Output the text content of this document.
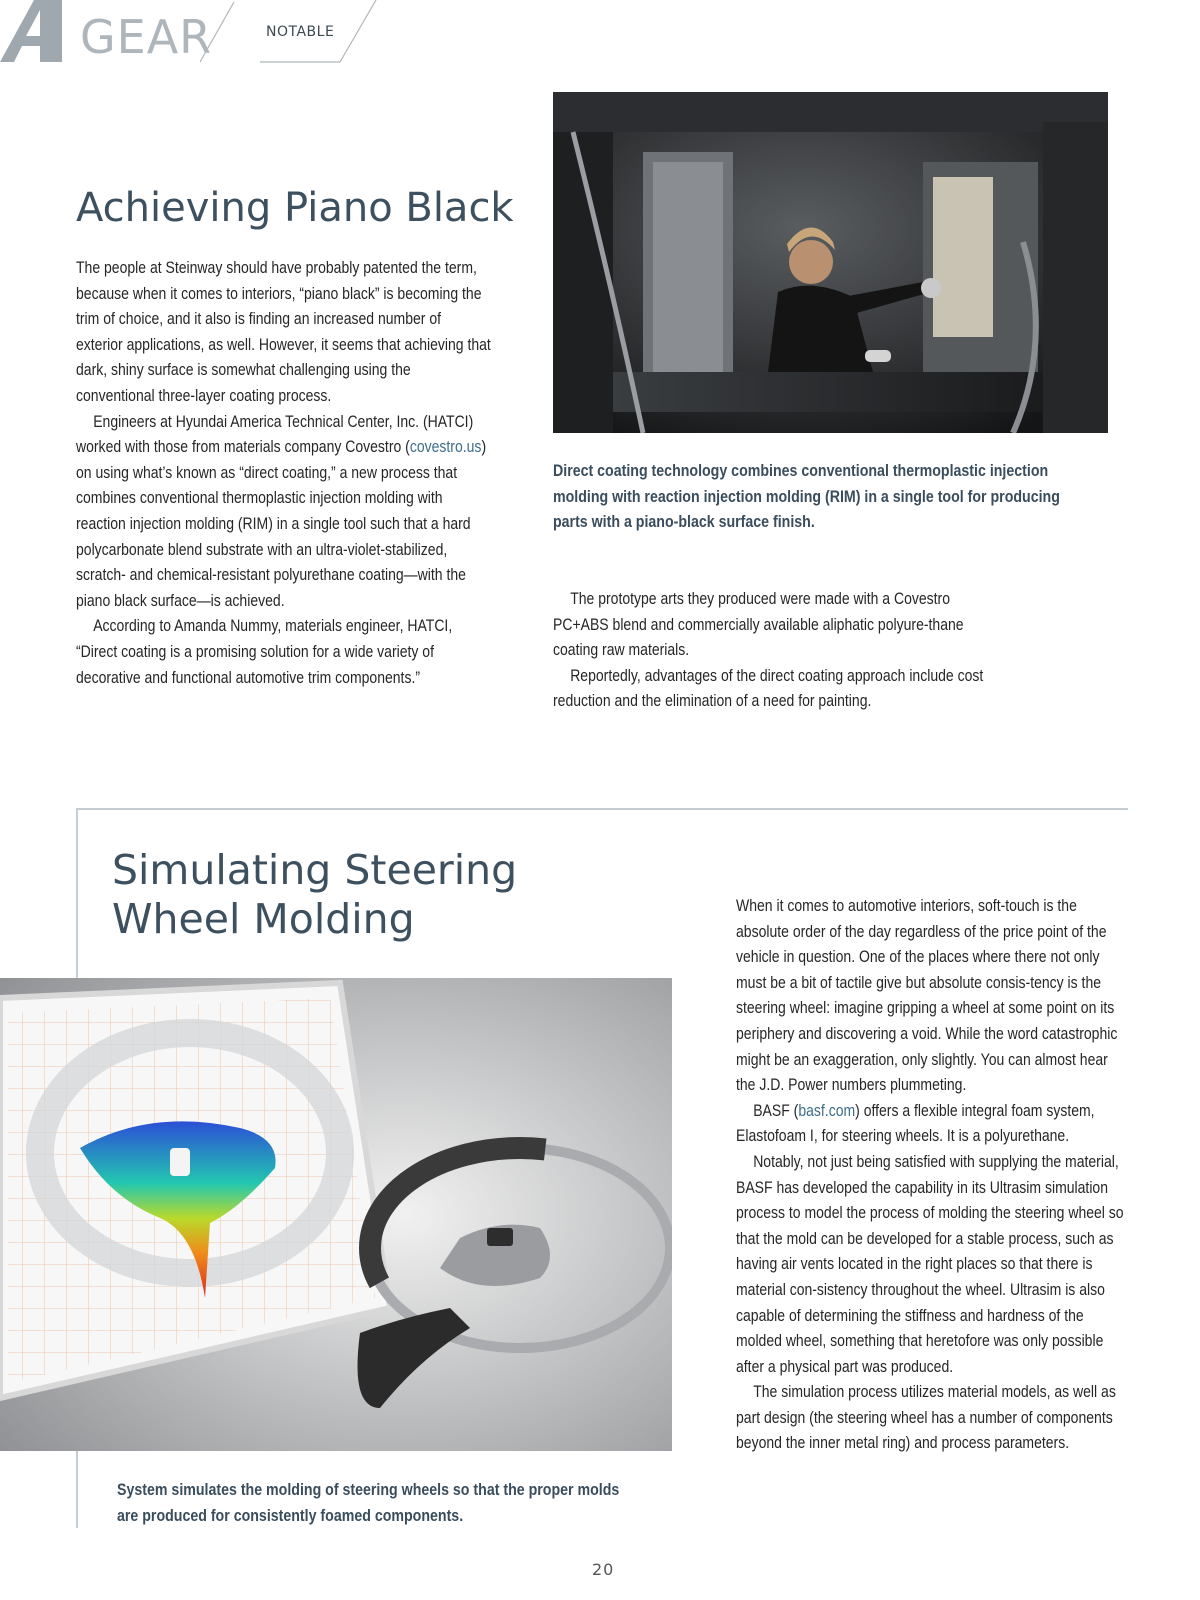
GEAR	NOTABLE
Achieving Piano Black

The people at Steinway should have probably patented the term, because when it comes to interiors, “piano black” is becoming the trim of choice, and it also is finding an increased number of exterior applications, as well. However, it seems that achieving that dark, shiny surface is somewhat challenging using the conventional three-layer coating process.

Engineers at Hyundai America Technical Center, Inc. (HATCI) worked with those from materials company Covestro (covestro.us) on using what’s known as “direct coating,” a new process that combines conventional thermoplastic injection molding with reaction injection molding (RIM) in a single tool such that a hard polycarbonate blend substrate with an ultra-violet-stabilized, scratch- and chemical-resistant polyurethane coating—with the piano black surface—is achieved.

According to Amanda Nummy, materials engineer, HATCI, “Direct coating is a promising solution for a wide variety of decorative and functional automotive trim components.”

Direct coating technology combines conventional thermoplastic injection molding with reaction injection molding (RIM) in a single tool for producing parts with a piano-black surface finish.

The prototype arts they produced were made with a Covestro PC+ABS blend and commercially available aliphatic polyure-thane coating raw materials.

Reportedly, advantages of the direct coating approach include cost reduction and the elimination of a need for painting.

Simulating Steering
Wheel Molding
System simulates the molding of steering wheels so that the proper molds are produced for consistently foamed components.

When it comes to automotive interiors, soft-touch is the absolute order of the day regardless of the price point of the vehicle in question. One of the places where there not only must be a bit of tactile give but absolute consis-tency is the steering wheel: imagine gripping a wheel at some point on its periphery and discovering a void. While the word catastrophic might be an exaggeration, only slightly. You can almost hear the J.D. Power numbers plummeting.

BASF (basf.com) offers a flexible integral foam system, Elastofoam I, for steering wheels. It is a polyurethane.

Notably, not just being satisfied with supplying the material, BASF has developed the capability in its Ultrasim simulation process to model the process of molding the steering wheel so that the mold can be developed for a stable process, such as having air vents located in the right places so that there is material con-sistency throughout the wheel. Ultrasim is also capable of determining the stiffness and hardness of the molded wheel, something that heretofore was only possible after a physical part was produced.

The simulation process utilizes material models, as well as part design (the steering wheel has a number of components beyond the inner metal ring) and process parameters.

20
